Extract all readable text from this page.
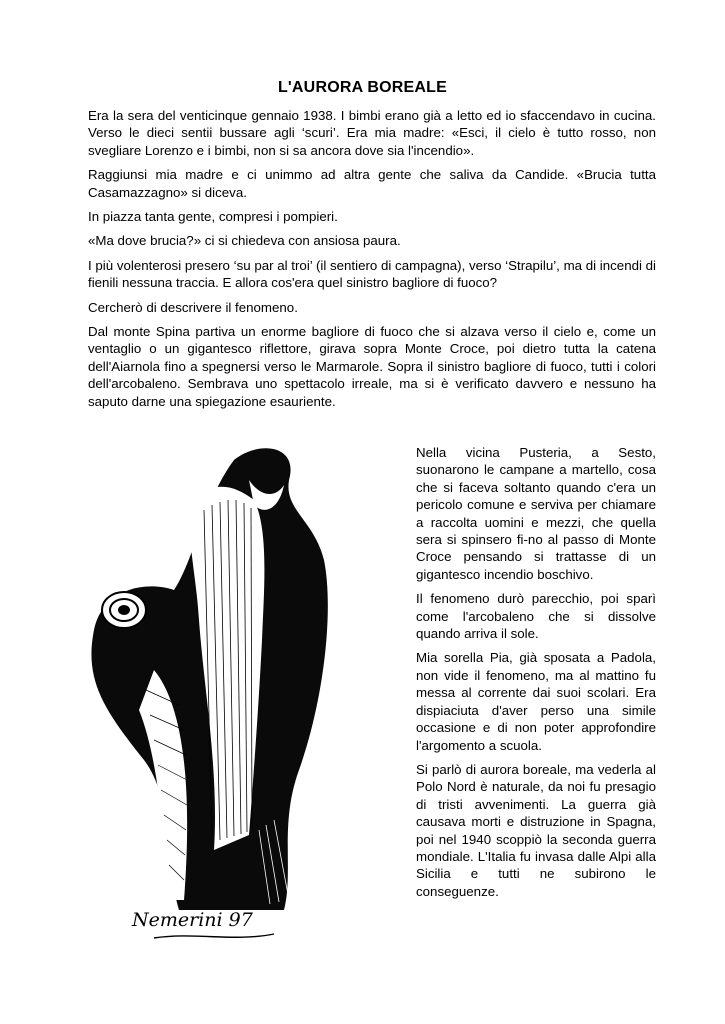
L'AURORA BOREALE

Era la sera del venticinque gennaio 1938. I bimbi erano già a letto ed io sfaccendavo in cucina. Verso le dieci sentii bussare agli ‘scuri’. Era mia madre: «Esci, il cielo è tutto rosso, non svegliare Lorenzo e i bimbi, non si sa ancora dove sia l'incendio».

Raggiunsi mia madre e ci unimmo ad altra gente che saliva da Candide. «Brucia tutta Casamazzagno» si diceva.

In piazza tanta gente, compresi i pompieri.

«Ma dove brucia?» ci si chiedeva con ansiosa paura.

I più volenterosi presero ‘su par al troi’ (il sentiero di campagna), verso ‘Strapilu’, ma di incendi di fienili nessuna traccia. E allora cos'era quel sinistro bagliore di fuoco?

Cercherò di descrivere il fenomeno.

Dal monte Spina partiva un enorme bagliore di fuoco che si alzava verso il cielo e, come un ventaglio o un gigantesco riflettore, girava sopra Monte Croce, poi dietro tutta la catena dell'Aiarnola fino a spegnersi verso le Marmarole. Sopra il sinistro bagliore di fuoco, tutti i colori dell'arcobaleno. Sembrava uno spettacolo irreale, ma si è verificato davvero e nessuno ha saputo darne una spiegazione esauriente.

Nemerini 97

Nella vicina Pusteria, a Sesto, suonarono le campane a martello, cosa che si faceva soltanto quando c'era un pericolo comune e serviva per chiamare a raccolta uomini e mezzi, che quella sera si spinsero fi-no al passo di Monte Croce pensando si trattasse di un gigantesco incendio boschivo.

Il fenomeno durò parecchio, poi sparì come l'arcobaleno che si dissolve quando arriva il sole.

Mia sorella Pia, già sposata a Padola, non vide il fenomeno, ma al mattino fu messa al corrente dai suoi scolari. Era dispiaciuta d'aver perso una simile occasione e di non poter approfondire l'argomento a scuola.

Si parlò di aurora boreale, ma vederla al Polo Nord è naturale, da noi fu presagio di tristi avvenimenti. La guerra già causava morti e distruzione in Spagna, poi nel 1940 scoppiò la seconda guerra mondiale. L'Italia fu invasa dalle Alpi alla Sicilia e tutti ne subirono le conseguenze.
